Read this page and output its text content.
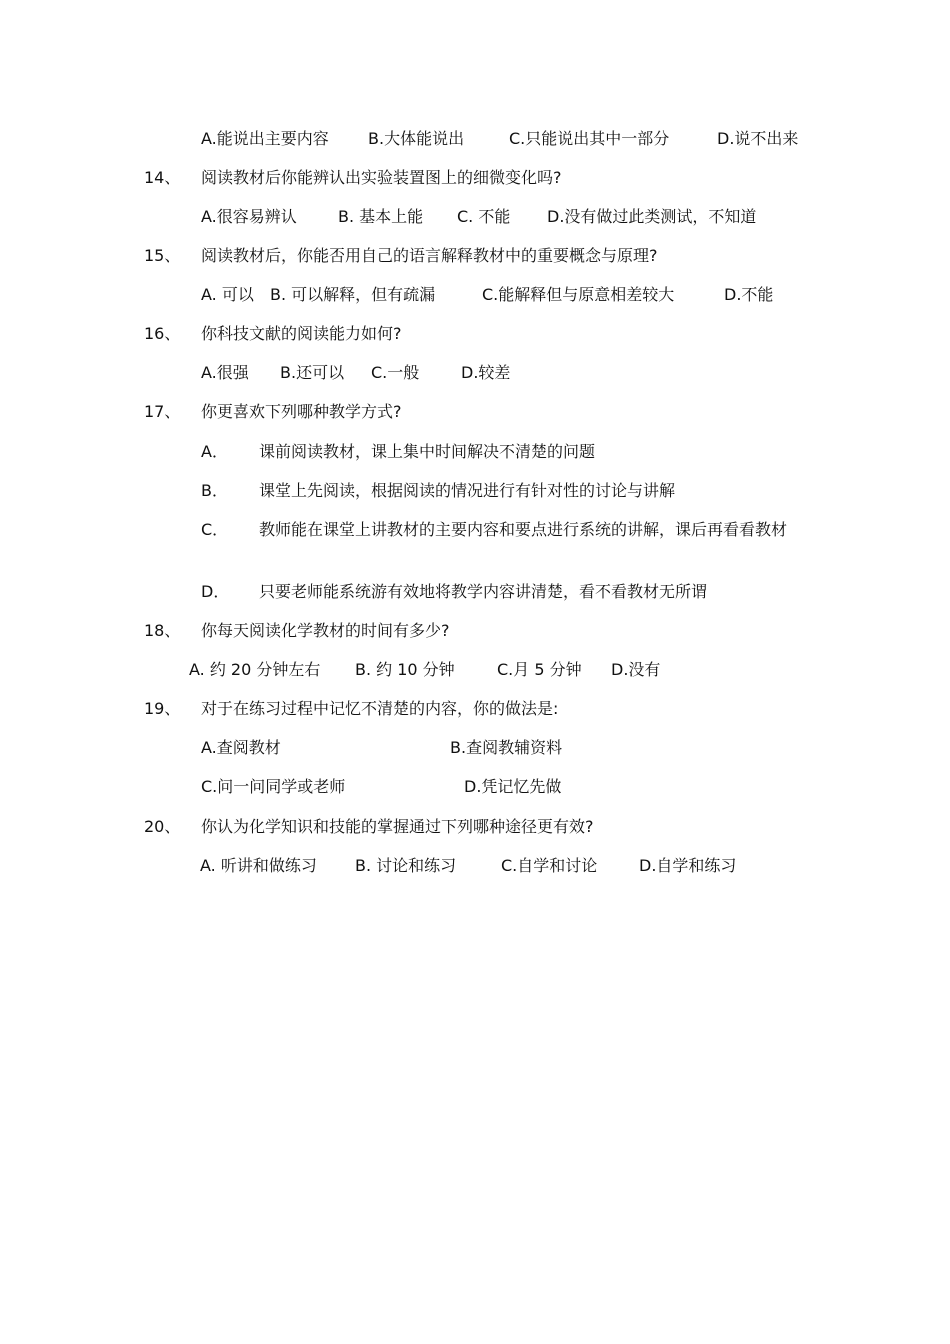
A.能说出主要内容 B.大体能说出	C.只能说出其中一部分	D.说不出来
14、 阅读教材后你能辨认出实验装置图上的细微变化吗?
A.很容易辨认	B. 基本上能 C. 不能 D.没有做过此类测试，不知道
15、 阅读教材后，你能否用自己的语言解释教材中的重要概念与原理?
A. 可以 B. 可以解释，但有疏漏	C.能解释但与原意相差较大	D.不能
16、 你科技文献的阅读能力如何?
A.很强 B.还可以 C.一般	D.较差
17、 你更喜欢下列哪种教学方式?
A． 课前阅读教材，课上集中时间解决不清楚的问题
B． 课堂上先阅读，根据阅读的情况进行有针对性的讨论与讲解
C． 教师能在课堂上讲教材的主要内容和要点进行系统的讲解，课后再看看教材
D． 只要老师能系统游有效地将教学内容讲清楚，看不看教材无所谓
18、 你每天阅读化学教材的时间有多少?
A. 约 20 分钟左右 B. 约 10 分钟	C.月 5 分钟 D.没有
19、 对于在练习过程中记忆不清楚的内容，你的做法是:
A.查阅教材	B.查阅教辅资料
C.问一问同学或老师	D.凭记忆先做
20、 你认为化学知识和技能的掌握通过下列哪种途径更有效?
A. 听讲和做练习 B. 讨论和练习	C.自学和讨论	D.自学和练习
